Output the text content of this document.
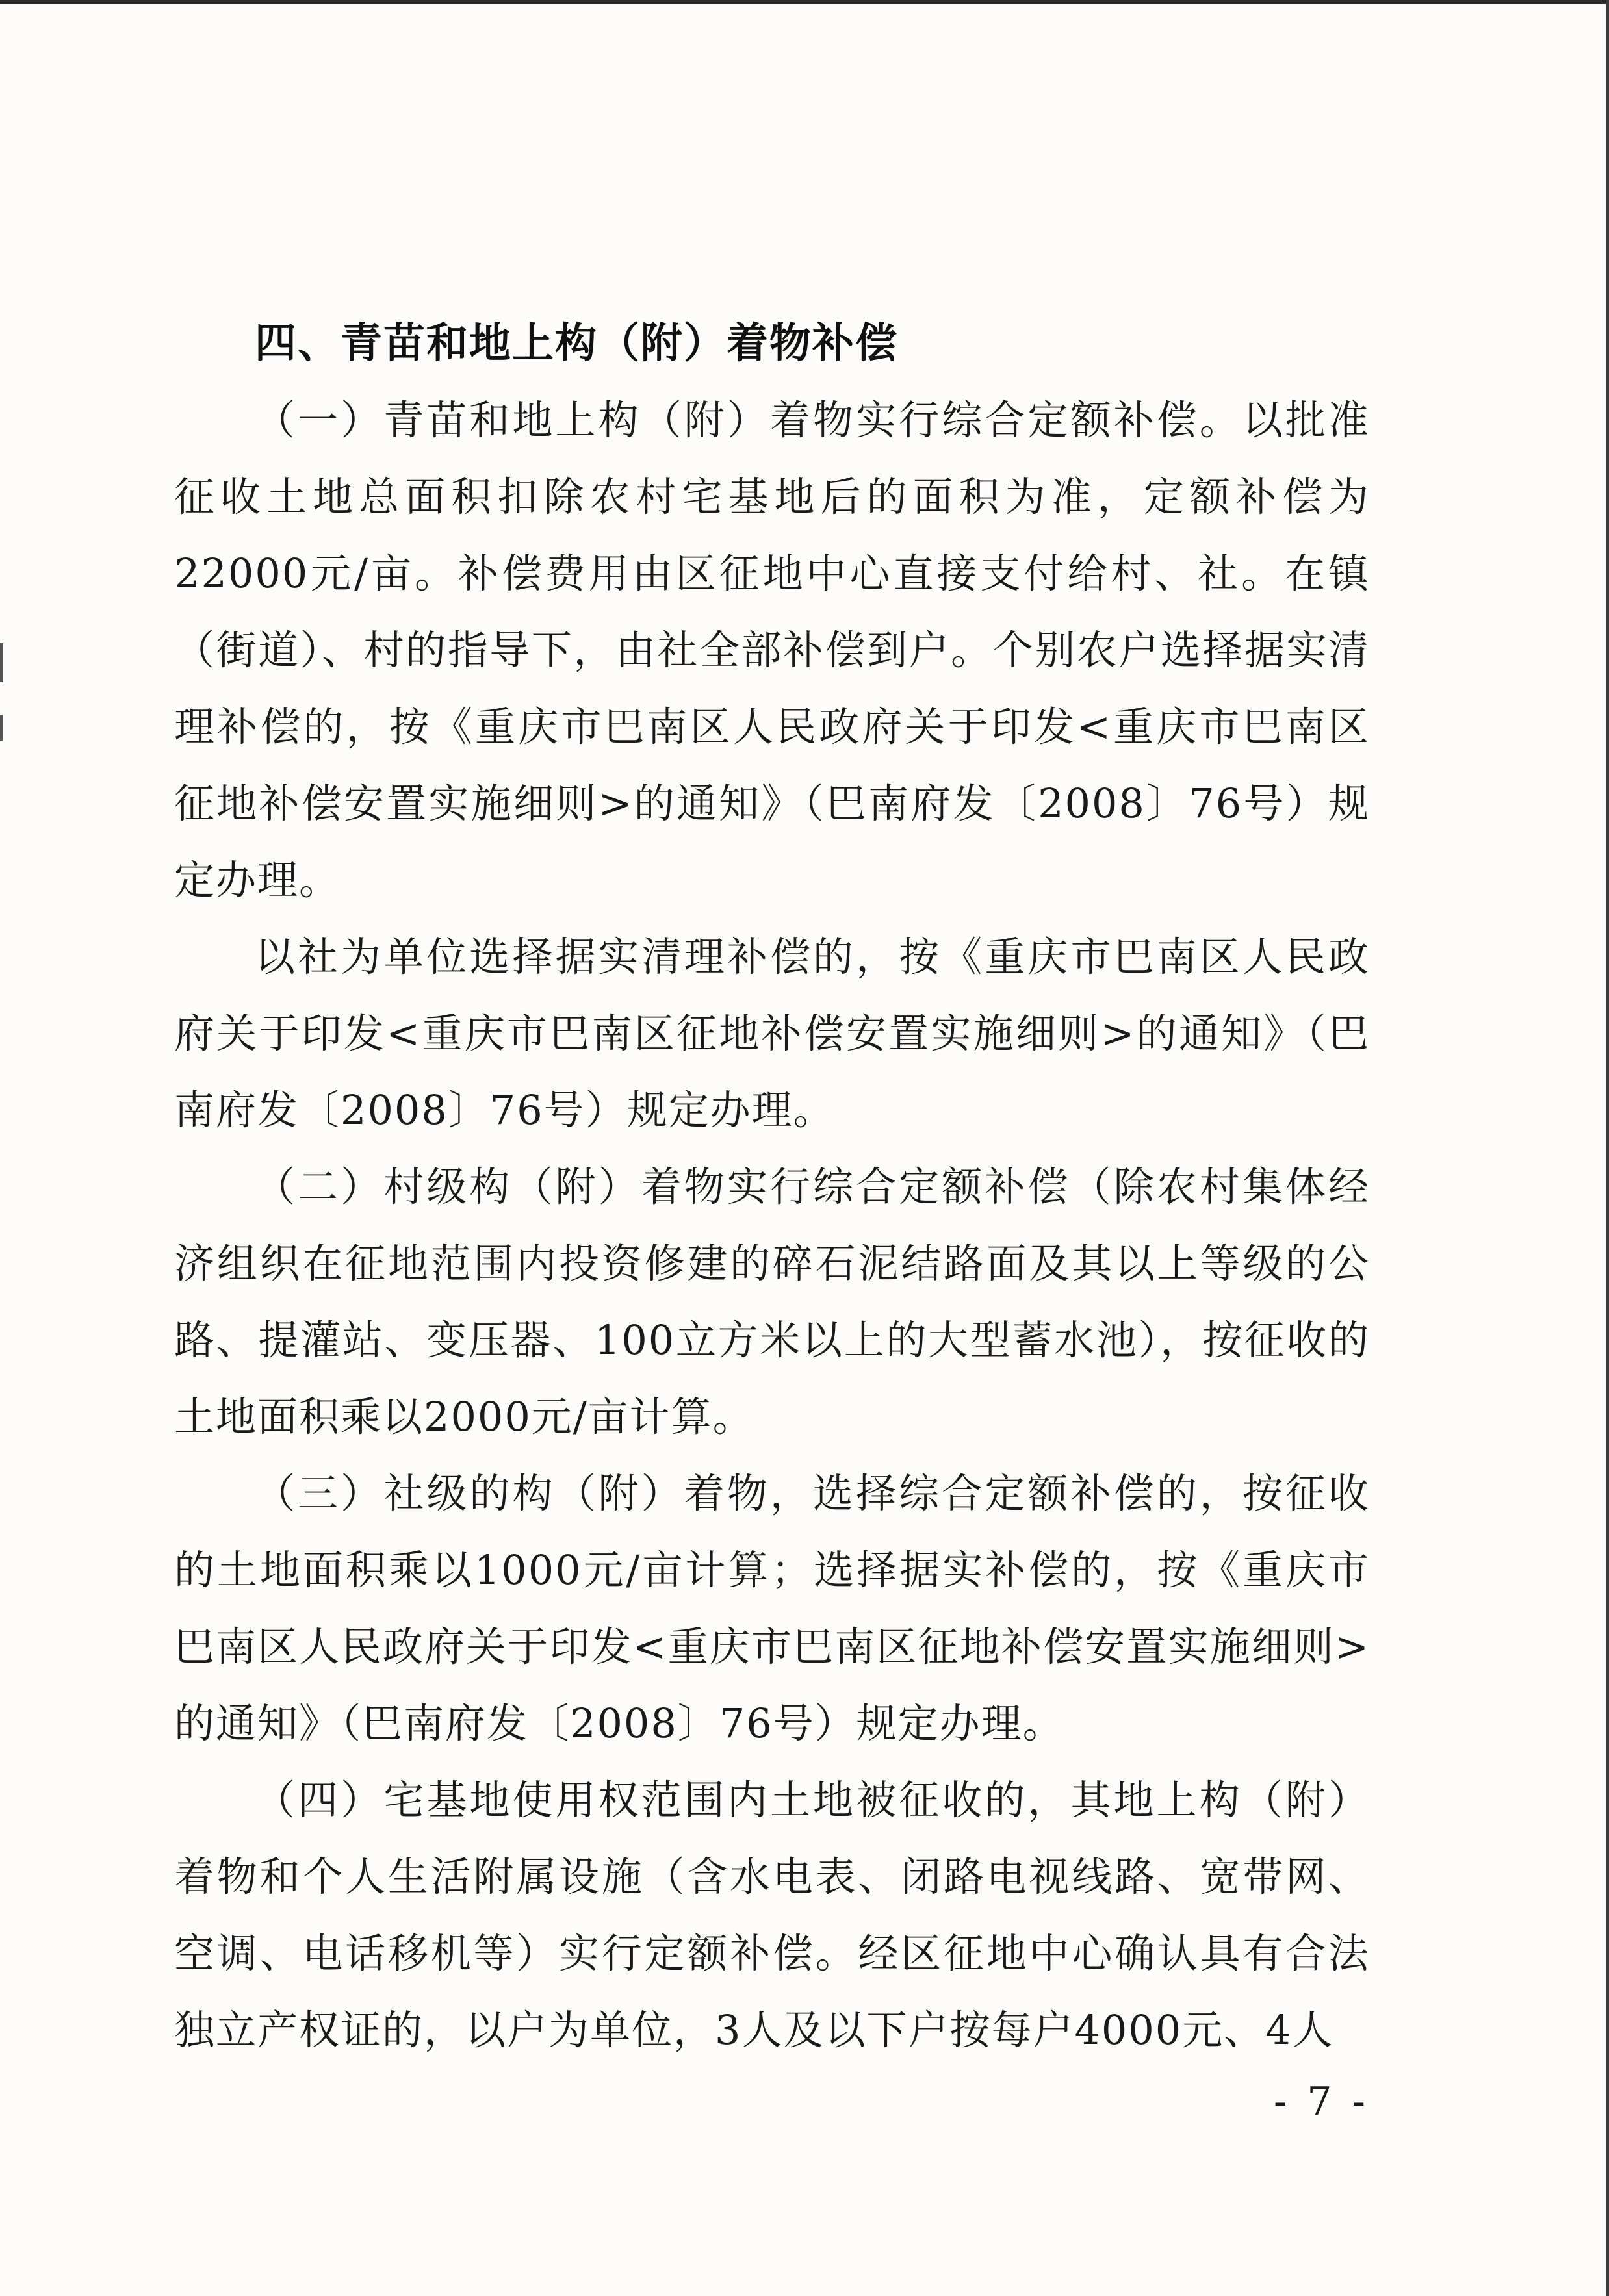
四、青苗和地上构（附）着物补偿

（一）青苗和地上构（附）着物实行综合定额补偿。以批准征收土地总面积扣除农村宅基地后的面积为准，定额补偿为22000元/亩。补偿费用由区征地中心直接支付给村、社。在镇（街道）、村的指导下，由社全部补偿到户。个别农户选择据实清理补偿的，按《重庆市巴南区人民政府关于印发<重庆市巴南区征地补偿安置实施细则>的通知》（巴南府发〔2008〕76号）规定办理。

以社为单位选择据实清理补偿的，按《重庆市巴南区人民政府关于印发<重庆市巴南区征地补偿安置实施细则>的通知》（巴南府发〔2008〕76号）规定办理。

（二）村级构（附）着物实行综合定额补偿（除农村集体经济组织在征地范围内投资修建的碎石泥结路面及其以上等级的公路、提灌站、变压器、100立方米以上的大型蓄水池），按征收的土地面积乘以2000元/亩计算。

（三）社级的构（附）着物，选择综合定额补偿的，按征收的土地面积乘以1000元/亩计算；选择据实补偿的，按《重庆市巴南区人民政府关于印发<重庆市巴南区征地补偿安置实施细则>的通知》（巴南府发〔2008〕76号）规定办理。

（四）宅基地使用权范围内土地被征收的，其地上构（附）着物和个人生活附属设施（含水电表、闭路电视线路、宽带网、空调、电话移机等）实行定额补偿。经区征地中心确认具有合法独立产权证的，以户为单位，3人及以下户按每户4000元、4人

- 7 -
